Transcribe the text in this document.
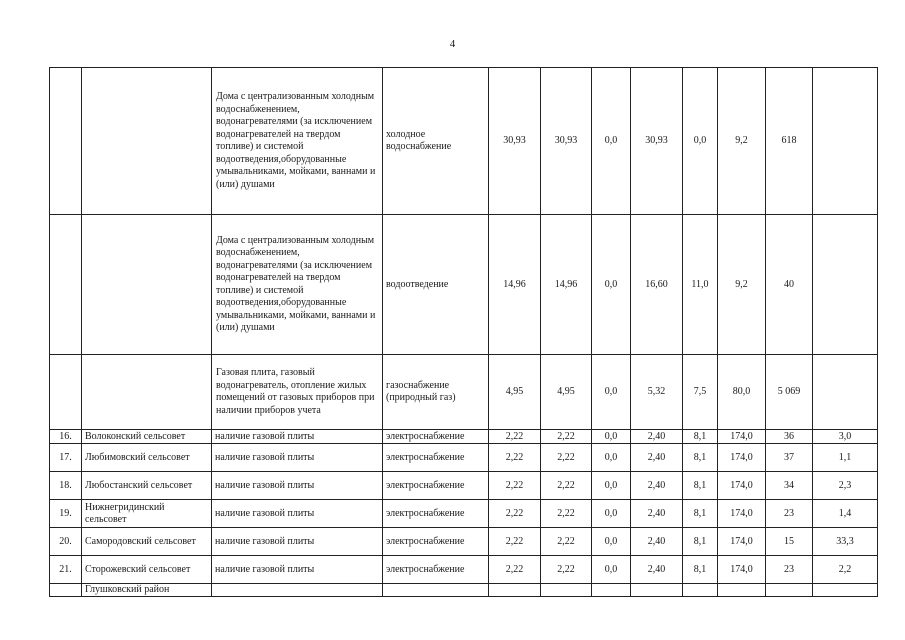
4
		Дома с централизованным холодным водоснабженением, водонагревателями (за исключением водонагревателей на твердом топливе) и системой водоотведения,оборудованные умывальниками, мойками, ваннами и (или) душами	холодное водоснабжение	30,93	30,93	0,0	30,93	0,0	9,2	618	
		Дома с централизованным холодным водоснабженением, водонагревателями (за исключением водонагревателей на твердом топливе) и системой водоотведения,оборудованные умывальниками, мойками, ваннами и (или) душами	водоотведение	14,96	14,96	0,0	16,60	11,0	9,2	40	
		Газовая плита, газовый водонагреватель, отопление жилых помещений от газовых приборов при наличии приборов учета	газоснабжение (природный газ)	4,95	4,95	0,0	5,32	7,5	80,0	5 069	
16.	Волоконский сельсовет	наличие газовой плиты	электроснабжение	2,22	2,22	0,0	2,40	8,1	174,0	36	3,0
17.	Любимовский сельсовет	наличие газовой плиты	электроснабжение	2,22	2,22	0,0	2,40	8,1	174,0	37	1,1
18.	Любостанский сельсовет	наличие газовой плиты	электроснабжение	2,22	2,22	0,0	2,40	8,1	174,0	34	2,3
19.	Нижнегридинский сельсовет	наличие газовой плиты	электроснабжение	2,22	2,22	0,0	2,40	8,1	174,0	23	1,4
20.	Самородовский сельсовет	наличие газовой плиты	электроснабжение	2,22	2,22	0,0	2,40	8,1	174,0	15	33,3
21.	Сторожевский сельсовет	наличие газовой плиты	электроснабжение	2,22	2,22	0,0	2,40	8,1	174,0	23	2,2
	Глушковский район										
